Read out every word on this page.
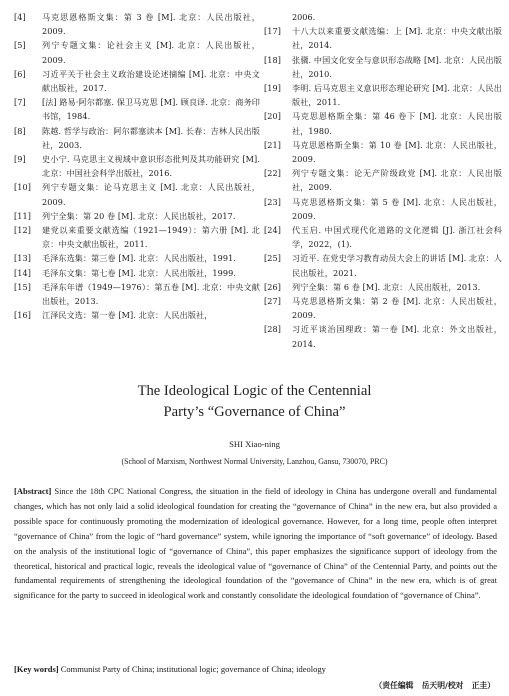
[4]	马克思恩格斯文集：第 3 卷 [M]. 北京：人民出版社，2009.
[5]	列宁专题文集：论社会主义 [M]. 北京：人民出版社，2009.
[6]	习近平关于社会主义政治建设论述摘编 [M]. 北京：中央文献出版社，2017.
[7]	[法] 路易·阿尔都塞. 保卫马克思 [M]. 顾良译. 北京：商务印书馆，1984.
[8]	陈越. 哲学与政治：阿尔都塞读本 [M]. 长春：吉林人民出版社，2003.
[9]	史小宁. 马克思主义视域中意识形态批判及其功能研究 [M]. 北京：中国社会科学出版社，2016.
[10]	列宁专题文集：论马克思主义 [M]. 北京：人民出版社，2009.
[11]	列宁全集：第 20 卷 [M]. 北京：人民出版社，2017.
[12]	建党以来重要文献选编（1921—1949）：第六册 [M]. 北京：中央文献出版社，2011.
[13]	毛泽东选集：第三卷 [M]. 北京：人民出版社，1991.
[14]	毛泽东文集：第七卷 [M]. 北京：人民出版社，1999.
[15]	毛泽东年谱（1949—1976）：第五卷 [M]. 北京：中央文献出版社，2013.
[16]	江泽民文选：第一卷 [M]. 北京：人民出版社，
2006.
[17]	十八大以来重要文献选编：上 [M]. 北京：中央文献出版社，2014.
[18]	张骥. 中国文化安全与意识形态战略 [M]. 北京：人民出版社，2010.
[19]	李明. 后马克思主义意识形态理论研究 [M]. 北京：人民出版社，2011.
[20]	马克思恩格斯全集：第 46 卷下 [M]. 北京：人民出版社，1980.
[21]	马克思恩格斯全集：第 10 卷 [M]. 北京：人民出版社，2009.
[22]	列宁专题文集：论无产阶级政党 [M]. 北京：人民出版社，2009.
[23]	马克思恩格斯文集：第 5 卷 [M]. 北京：人民出版社，2009.
[24]	代玉启. 中国式现代化道路的文化逻辑 [J]. 浙江社会科学，2022，(1).
[25]	习近平. 在党史学习教育动员大会上的讲话 [M]. 北京：人民出版社，2021.
[26]	列宁全集：第 6 卷 [M]. 北京：人民出版社，2013.
[27]	马克思恩格斯文集：第 2 卷 [M]. 北京：人民出版社，2009.
[28]	习近平谈治国理政：第一卷 [M]. 北京：外文出版社，2014.
The Ideological Logic of the Centennial
Party’s “Governance of China”
SHI Xiao-ning
(School of Marxism, Northwest Normal University, Lanzhou, Gansu, 730070, PRC)
[Abstract] Since the 18th CPC National Congress, the situation in the field of ideology in China has undergone overall and fundamental changes, which has not only laid a solid ideological foundation for creating the “governance of China” in the new era, but also provided a possible space for continuously promoting the modernization of ideological governance. However, for a long time, people often interpret “governance of China” from the logic of “hard governance” system, while ignoring the importance of “soft governance” of ideology. Based on the analysis of the institutional logic of “governance of China”, this paper emphasizes the significance support of ideology from the theoretical, historical and practical logic, reveals the ideological value of “governance of China” of the Centennial Party, and points out the fundamental requirements of strengthening the ideological foundation of the “governance of China” in the new era, which is of great significance for the party to succeed in ideological work and constantly consolidate the ideological foundation of “governance of China”.
[Key words] Communist Party of China; institutional logic; governance of China; ideology
（责任编辑   岳天明/校对   正圭）
